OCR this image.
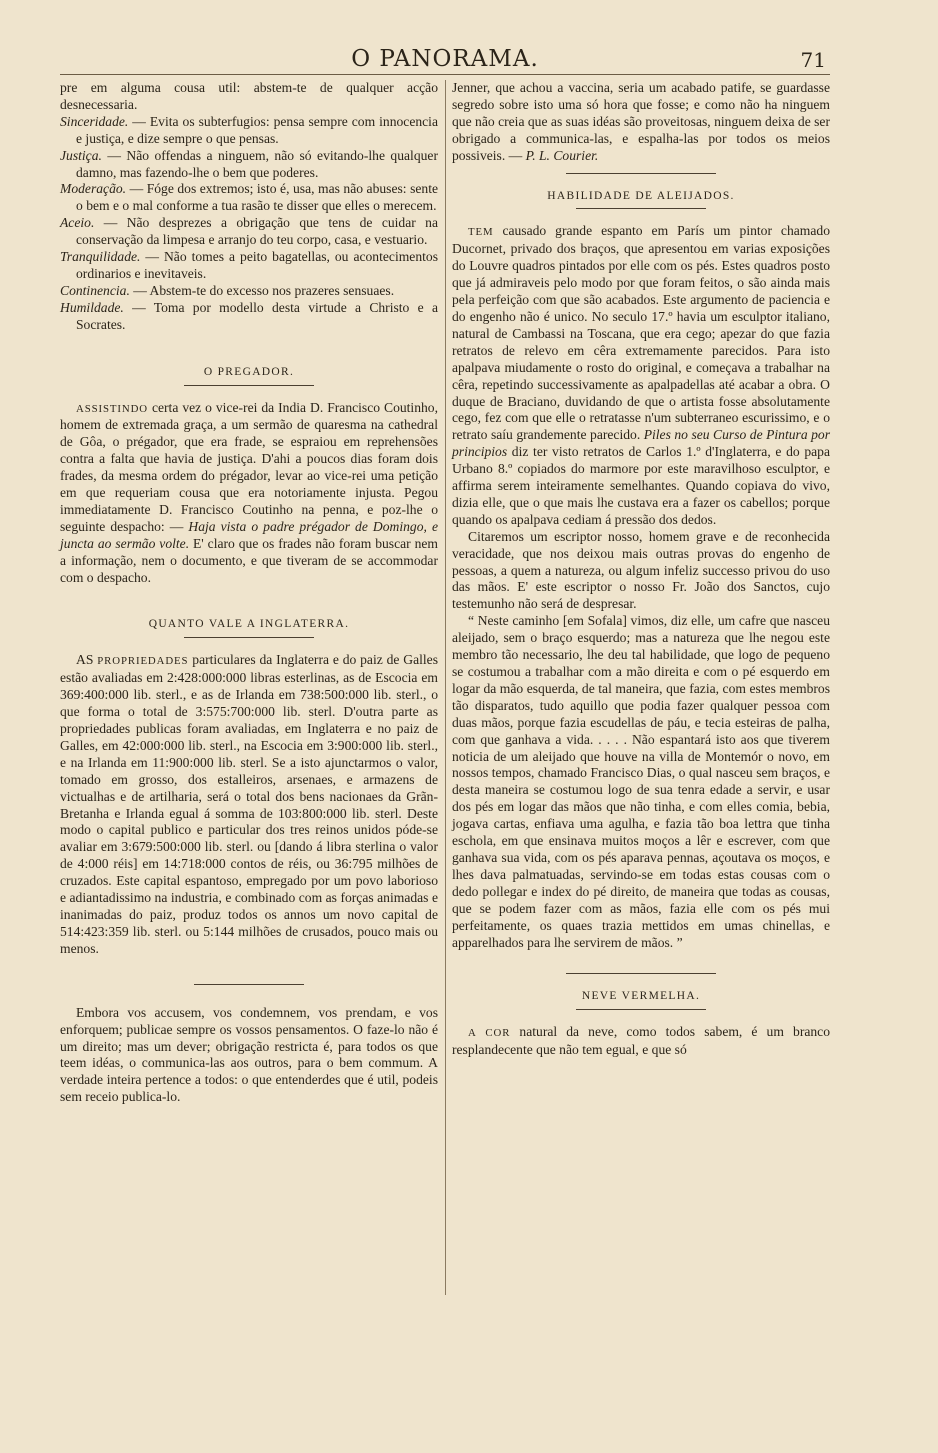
O PANORAMA.	71

pre em alguma cousa util: abstem-te de qualquer acção desnecessaria.

Sinceridade. — Evita os subterfugios: pensa sempre com innocencia e justiça, e dize sempre o que pensas.

Justiça. — Não offendas a ninguem, não só evitando-lhe qualquer damno, mas fazendo-lhe o bem que poderes.

Moderação. — Fóge dos extremos; isto é, usa, mas não abuses: sente o bem e o mal conforme a tua rasão te disser que elles o merecem.

Aceio. — Não desprezes a obrigação que tens de cuidar na conservação da limpesa e arranjo do teu corpo, casa, e vestuario.

Tranquilidade. — Não tomes a peito bagatellas, ou acontecimentos ordinarios e inevitaveis.

Continencia. — Abstem-te do excesso nos prazeres sensuaes.

Humildade. — Toma por modello desta virtude a Christo e a Socrates.

O PREGADOR.

ASSISTINDO certa vez o vice-rei da India D. Francisco Coutinho, homem de extremada graça, a um sermão de quaresma na cathedral de Gôa, o prégador, que era frade, se espraiou em reprehensões contra a falta que havia de justiça. D'ahi a poucos dias foram dois frades, da mesma ordem do prégador, levar ao vice-rei uma petição em que requeriam cousa que era notoriamente injusta. Pegou immediatamente D. Francisco Coutinho na penna, e poz-lhe o seguinte despacho: — Haja vista o padre prégador de Domingo, e juncta ao sermão volte. E' claro que os frades não foram buscar nem a informação, nem o documento, e que tiveram de se accommodar com o despacho.

QUANTO VALE A INGLATERRA.

AS PROPRIEDADES particulares da Inglaterra e do paiz de Galles estão avaliadas em 2:428:000:000 libras esterlinas, as de Escocia em 369:400:000 lib. sterl., e as de Irlanda em 738:500:000 lib. sterl., o que forma o total de 3:575:700:000 lib. sterl. D'outra parte as propriedades publicas foram avaliadas, em Inglaterra e no paiz de Galles, em 42:000:000 lib. sterl., na Escocia em 3:900:000 lib. sterl., e na Irlanda em 11:900:000 lib. sterl. Se a isto ajunctarmos o valor, tomado em grosso, dos estalleiros, arsenaes, e armazens de victualhas e de artilharia, será o total dos bens nacionaes da Grãn-Bretanha e Irlanda egual á somma de 103:800:000 lib. sterl. Deste modo o capital publico e particular dos tres reinos unidos póde-se avaliar em 3:679:500:000 lib. sterl. ou [dando á libra sterlina o valor de 4:000 réis] em 14:718:000 contos de réis, ou 36:795 milhões de cruzados. Este capital espantoso, empregado por um povo laborioso e adiantadissimo na industria, e combinado com as forças animadas e inanimadas do paiz, produz todos os annos um novo capital de 514:423:359 lib. sterl. ou 5:144 milhões de crusados, pouco mais ou menos.

Embora vos accusem, vos condemnem, vos prendam, e vos enforquem; publicae sempre os vossos pensamentos. O faze-lo não é um direito; mas um dever; obrigação restricta é, para todos os que teem idéas, o communica-las aos outros, para o bem commum. A verdade inteira pertence a todos: o que entenderdes que é util, podeis sem receio publica-lo.

Jenner, que achou a vaccina, seria um acabado patife, se guardasse segredo sobre isto uma só hora que fosse; e como não ha ninguem que não creia que as suas idéas são proveitosas, ninguem deixa de ser obrigado a communica-las, e espalha-las por todos os meios possiveis. — P. L. Courier.

HABILIDADE DE ALEIJADOS.

TEM causado grande espanto em París um pintor chamado Ducornet, privado dos braços, que apresentou em varias exposições do Louvre quadros pintados por elle com os pés. Estes quadros posto que já admiraveis pelo modo por que foram feitos, o são ainda mais pela perfeição com que são acabados. Este argumento de paciencia e do engenho não é unico. No seculo 17.º havia um esculptor italiano, natural de Cambassi na Toscana, que era cego; apezar do que fazia retratos de relevo em cêra extremamente parecidos. Para isto apalpava miudamente o rosto do original, e começava a trabalhar na cêra, repetindo successivamente as apalpadellas até acabar a obra. O duque de Braciano, duvidando de que o artista fosse absolutamente cego, fez com que elle o retratasse n'um subterraneo escurissimo, e o retrato saíu grandemente parecido. Piles no seu Curso de Pintura por principios diz ter visto retratos de Carlos 1.º d'Inglaterra, e do papa Urbano 8.º copiados do marmore por este maravilhoso esculptor, e affirma serem inteiramente semelhantes. Quando copiava do vivo, dizia elle, que o que mais lhe custava era a fazer os cabellos; porque quando os apalpava cediam á pressão dos dedos.

Citaremos um escriptor nosso, homem grave e de reconhecida veracidade, que nos deixou mais outras provas do engenho de pessoas, a quem a natureza, ou algum infeliz successo privou do uso das mãos. E' este escriptor o nosso Fr. João dos Sanctos, cujo testemunho não será de despresar.

“ Neste caminho [em Sofala] vimos, diz elle, um cafre que nasceu aleijado, sem o braço esquerdo; mas a natureza que lhe negou este membro tão necessario, lhe deu tal habilidade, que logo de pequeno se costumou a trabalhar com a mão direita e com o pé esquerdo em logar da mão esquerda, de tal maneira, que fazia, com estes membros tão disparatos, tudo aquillo que podia fazer qualquer pessoa com duas mãos, porque fazia escudellas de páu, e tecia esteiras de palha, com que ganhava a vida. . . . . Não espantará isto aos que tiverem noticia de um aleijado que houve na villa de Montemór o novo, em nossos tempos, chamado Francisco Dias, o qual nasceu sem braços, e desta maneira se costumou logo de sua tenra edade a servir, e usar dos pés em logar das mãos que não tinha, e com elles comia, bebia, jogava cartas, enfiava uma agulha, e fazia tão boa lettra que tinha eschola, em que ensinava muitos moços a lêr e escrever, com que ganhava sua vida, com os pés aparava pennas, açoutava os moços, e lhes dava palmatuadas, servindo-se em todas estas cousas com o dedo pollegar e index do pé direito, de maneira que todas as cousas, que se podem fazer com as mãos, fazia elle com os pés mui perfeitamente, os quaes trazia mettidos em umas chinellas, e apparelhados para lhe servirem de mãos. ”

NEVE VERMELHA.

A COR natural da neve, como todos sabem, é um branco resplandecente que não tem egual, e que só
